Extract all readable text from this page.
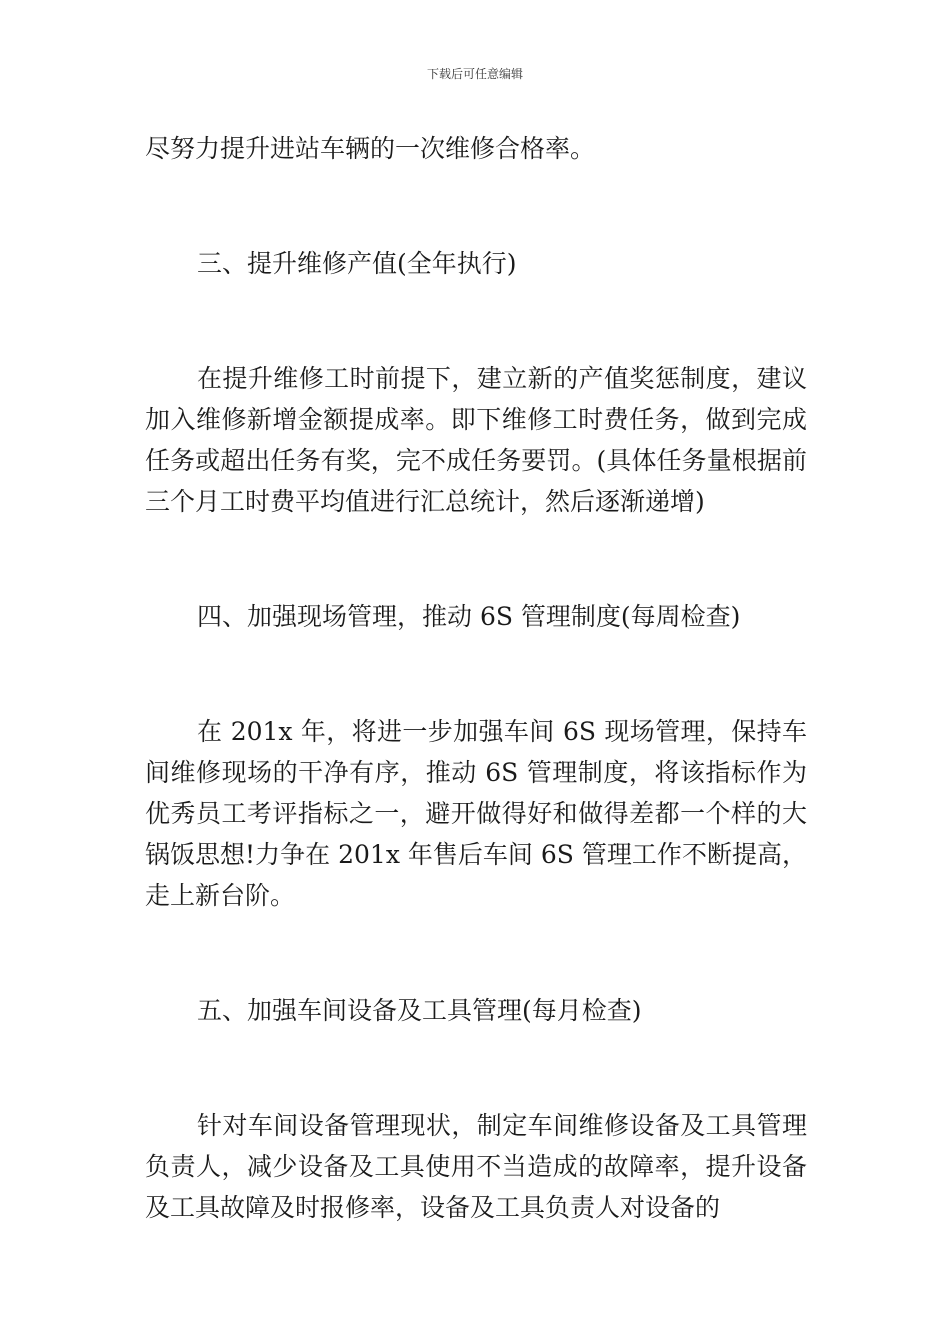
下载后可任意编辑

尽努力提升进站车辆的一次维修合格率。

三、提升维修产值(全年执行)

在提升维修工时前提下，建立新的产值奖惩制度，建议加入维修新增金额提成率。即下维修工时费任务，做到完成任务或超出任务有奖，完不成任务要罚。(具体任务量根据前三个月工时费平均值进行汇总统计，然后逐渐递增)

四、加强现场管理，推动 6S 管理制度(每周检查)

在 201x 年，将进一步加强车间 6S 现场管理，保持车间维修现场的干净有序，推动 6S 管理制度，将该指标作为优秀员工考评指标之一，避开做得好和做得差都一个样的大锅饭思想!力争在 201x 年售后车间 6S 管理工作不断提高，走上新台阶。

五、加强车间设备及工具管理(每月检查)

针对车间设备管理现状，制定车间维修设备及工具管理负责人，减少设备及工具使用不当造成的故障率，提升设备及工具故障及时报修率，设备及工具负责人对设备的
